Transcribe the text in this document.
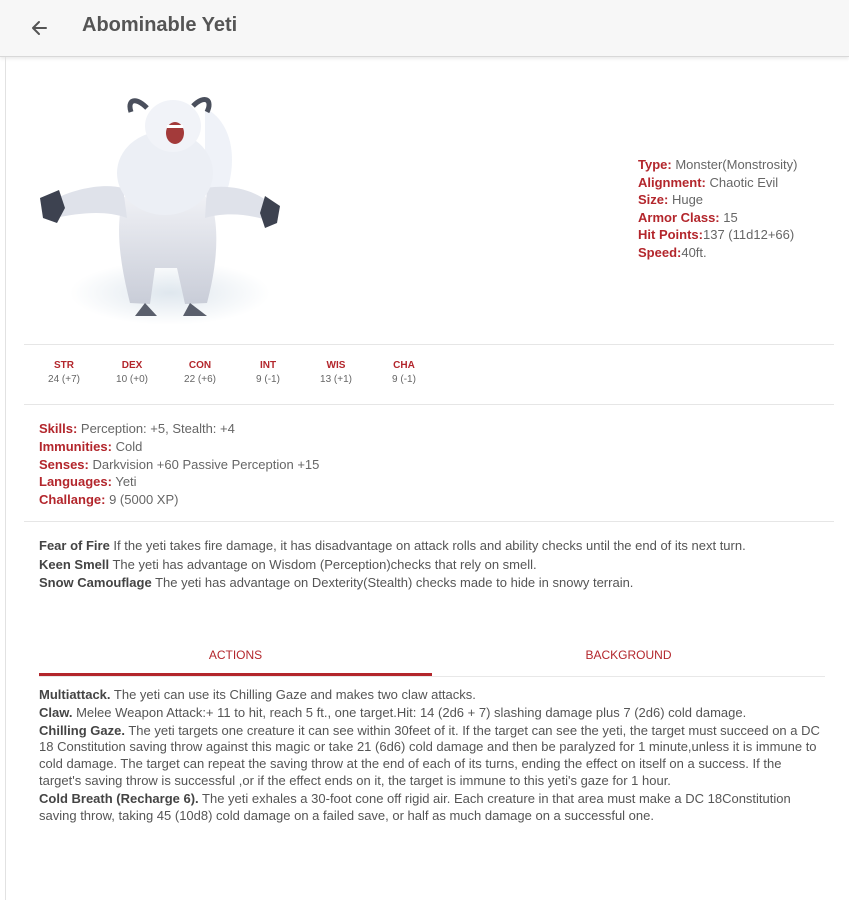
Abominable Yeti
Type: Monster(Monstrosity)
Alignment: Chaotic Evil
Size: Huge
Armor Class: 15
Hit Points:137 (11d12+66)
Speed:40ft.
STR
24 (+7)
DEX
10 (+0)
CON
22 (+6)
INT
9 (-1)
WIS
13 (+1)
CHA
9 (-1)
Skills: Perception: +5, Stealth: +4
Immunities: Cold
Senses: Darkvision +60 Passive Perception +15
Languages: Yeti
Challange: 9 (5000 XP)
Fear of Fire If the yeti takes fire damage, it has disadvantage on attack rolls and ability checks until the end of its next turn.
Keen Smell The yeti has advantage on Wisdom (Perception)checks that rely on smell.
Snow Camouflage The yeti has advantage on Dexterity(Stealth) checks made to hide in snowy terrain.
ACTIONS	BACKGROUND

Multiattack. The yeti can use its Chilling Gaze and makes two claw attacks.

Claw. Melee Weapon Attack:+ 11 to hit, reach 5 ft., one target.Hit: 14 (2d6 + 7) slashing damage plus 7 (2d6) cold damage.

Chilling Gaze. The yeti targets one creature it can see within 30feet of it. If the target can see the yeti, the target must succeed on a DC 18 Constitution saving throw against this magic or take 21 (6d6) cold damage and then be paralyzed for 1 minute,unless it is immune to cold damage. The target can repeat the saving throw at the end of each of its turns, ending the effect on itself on a success. If the target's saving throw is successful ,or if the effect ends on it, the target is immune to this yeti's gaze for 1 hour.

Cold Breath (Recharge 6). The yeti exhales a 30-foot cone off rigid air. Each creature in that area must make a DC 18Constitution saving throw, taking 45 (10d8) cold damage on a failed save, or half as much damage on a successful one.
